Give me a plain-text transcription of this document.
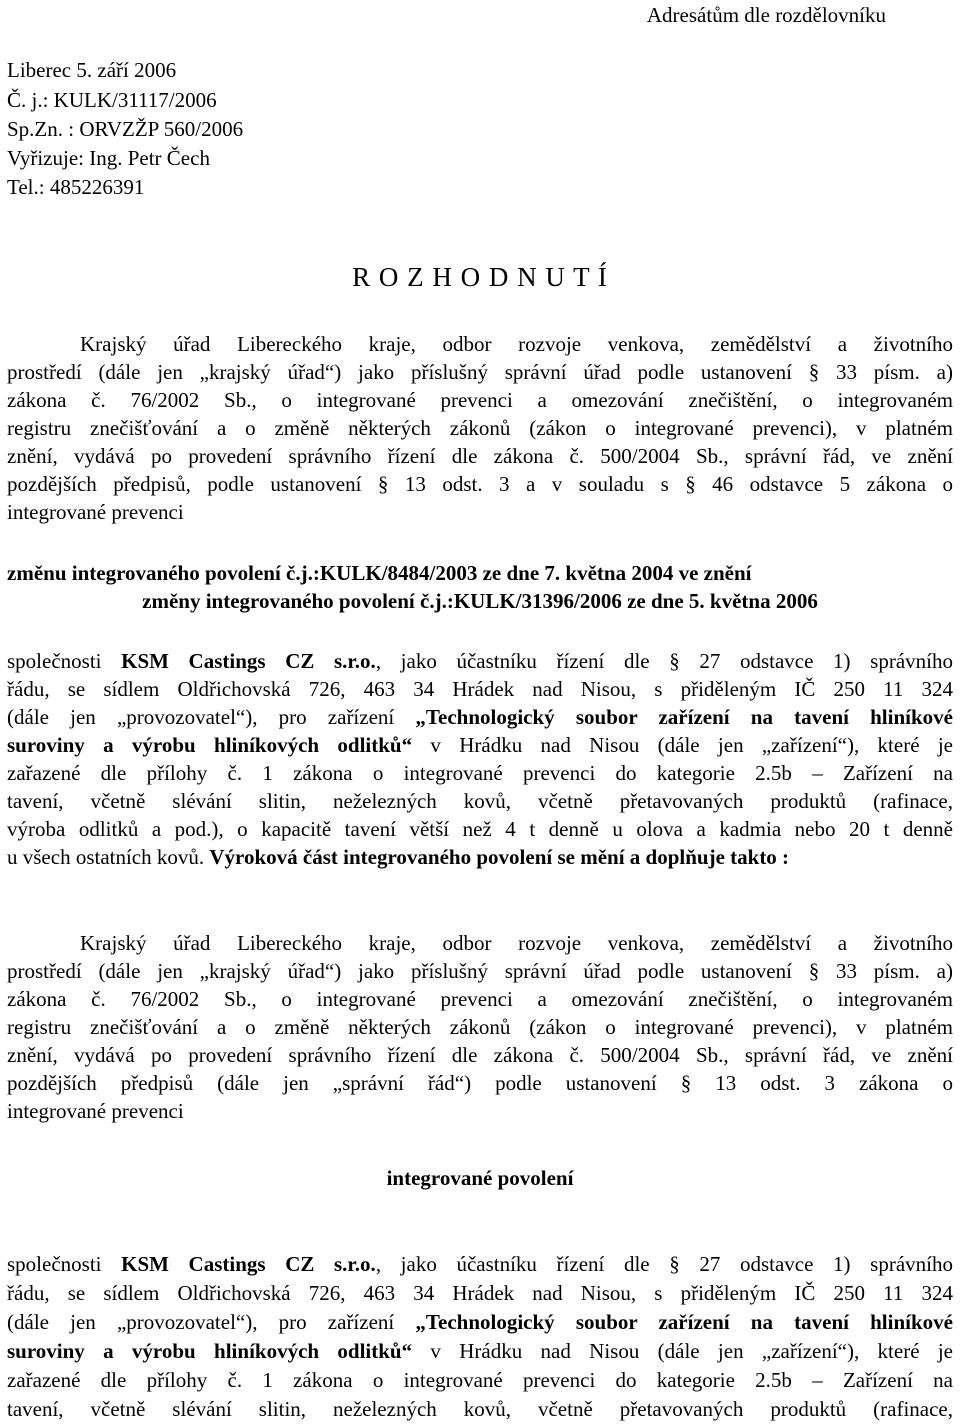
Adresátům dle rozdělovníku
Liberec 5. září 2006
Č. j.: KULK/31117/2006
Sp.Zn. : ORVZŽP 560/2006
Vyřizuje: Ing. Petr Čech
Tel.: 485226391
R O Z H O D N U T Í
Krajský úřad Libereckého kraje, odbor rozvoje venkova, zemědělství a životního
prostředí (dále jen „krajský úřad“) jako příslušný správní úřad podle ustanovení § 33 písm. a)
zákona č. 76/2002 Sb., o integrované prevenci a omezování znečištění, o integrovaném
registru znečišťování a o změně některých zákonů (zákon o integrované prevenci), v platném
znění, vydává po provedení správního řízení dle zákona č. 500/2004 Sb., správní řád, ve znění
pozdějších předpisů, podle ustanovení § 13 odst. 3 a v souladu s § 46 odstavce 5 zákona o
integrované prevenci
změnu integrovaného povolení č.j.:KULK/8484/2003 ze dne 7. května 2004 ve znění
změny integrovaného povolení č.j.:KULK/31396/2006 ze dne 5. května 2006
společnosti KSM Castings CZ s.r.o., jako účastníku řízení dle § 27 odstavce 1) správního
řádu, se sídlem Oldřichovská 726, 463 34 Hrádek nad Nisou, s přiděleným IČ 250 11 324
(dále jen „provozovatel“), pro zařízení „Technologický soubor zařízení na tavení hliníkové
suroviny a výrobu hliníkových odlitků“ v Hrádku nad Nisou (dále jen „zařízení“), které je
zařazené dle přílohy č. 1 zákona o integrované prevenci do kategorie 2.5b – Zařízení na
tavení, včetně slévání slitin, neželezných kovů, včetně přetavovaných produktů (rafinace,
výroba odlitků a pod.), o kapacitě tavení větší než 4 t denně u olova a kadmia nebo 20 t denně
u všech ostatních kovů. Výroková část integrovaného povolení se mění a doplňuje takto :
Krajský úřad Libereckého kraje, odbor rozvoje venkova, zemědělství a životního
prostředí (dále jen „krajský úřad“) jako příslušný správní úřad podle ustanovení § 33 písm. a)
zákona č. 76/2002 Sb., o integrované prevenci a omezování znečištění, o integrovaném
registru znečišťování a o změně některých zákonů (zákon o integrované prevenci), v platném
znění, vydává po provedení správního řízení dle zákona č. 500/2004 Sb., správní řád, ve znění
pozdějších předpisů (dále jen „správní řád“) podle ustanovení § 13 odst. 3 zákona o
integrované prevenci
integrované povolení
společnosti KSM Castings CZ s.r.o., jako účastníku řízení dle § 27 odstavce 1) správního
řádu, se sídlem Oldřichovská 726, 463 34 Hrádek nad Nisou, s přiděleným IČ 250 11 324
(dále jen „provozovatel“), pro zařízení „Technologický soubor zařízení na tavení hliníkové
suroviny a výrobu hliníkových odlitků“ v Hrádku nad Nisou (dále jen „zařízení“), které je
zařazené dle přílohy č. 1 zákona o integrované prevenci do kategorie 2.5b – Zařízení na
tavení, včetně slévání slitin, neželezných kovů, včetně přetavovaných produktů (rafinace,
